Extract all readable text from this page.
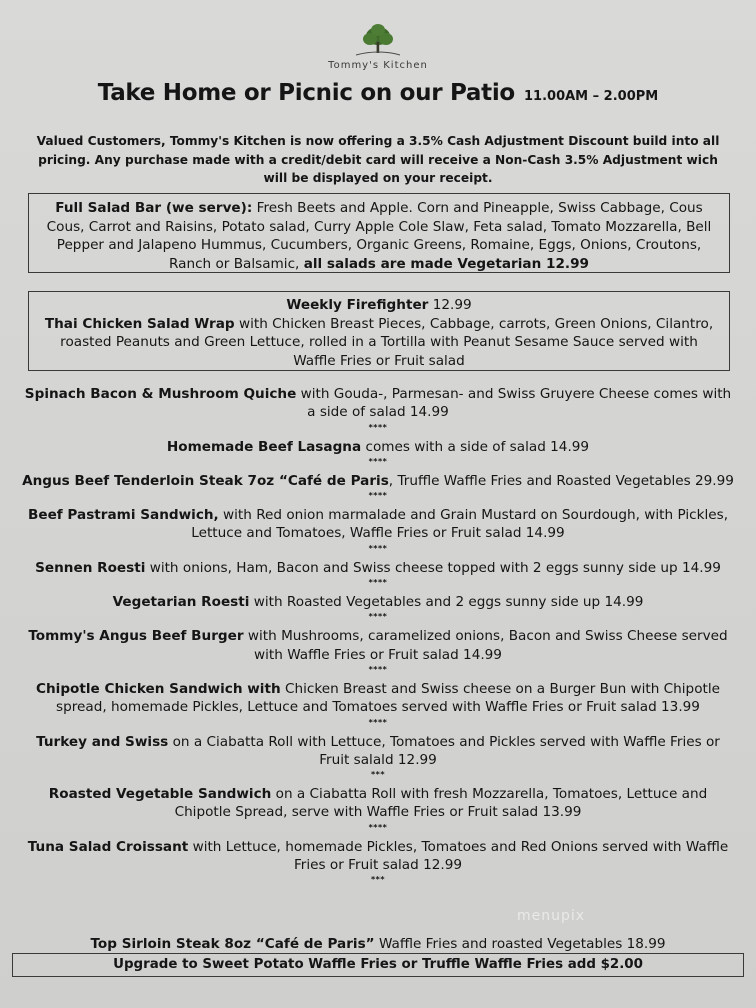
Tommy's Kitchen
Take Home or Picnic on our Patio 11.00AM – 2.00PM
Valued Customers, Tommy's Kitchen is now offering a 3.5% Cash Adjustment Discount build into all pricing. Any purchase made with a credit/debit card will receive a Non-Cash 3.5% Adjustment wich will be displayed on your receipt.
Full Salad Bar (we serve): Fresh Beets and Apple. Corn and Pineapple, Swiss Cabbage, Cous Cous, Carrot and Raisins, Potato salad, Curry Apple Cole Slaw, Feta salad, Tomato Mozzarella, Bell Pepper and Jalapeno Hummus, Cucumbers, Organic Greens, Romaine, Eggs, Onions, Croutons, Ranch or Balsamic, all salads are made Vegetarian 12.99
Weekly Firefighter 12.99
Thai Chicken Salad Wrap with Chicken Breast Pieces, Cabbage, carrots, Green Onions, Cilantro, roasted Peanuts and Green Lettuce, rolled in a Tortilla with Peanut Sesame Sauce served with Waffle Fries or Fruit salad
Spinach Bacon & Mushroom Quiche with Gouda-, Parmesan- and Swiss Gruyere Cheese comes with a side of salad 14.99
****
Homemade Beef Lasagna comes with a side of salad 14.99
****
Angus Beef Tenderloin Steak 7oz “Café de Paris, Truffle Waffle Fries and Roasted Vegetables 29.99
****
Beef Pastrami Sandwich, with Red onion marmalade and Grain Mustard on Sourdough, with Pickles, Lettuce and Tomatoes, Waffle Fries or Fruit salad 14.99
****
Sennen Roesti with onions, Ham, Bacon and Swiss cheese topped with 2 eggs sunny side up 14.99
****
Vegetarian Roesti with Roasted Vegetables and 2 eggs sunny side up 14.99
****
Tommy's Angus Beef Burger with Mushrooms, caramelized onions, Bacon and Swiss Cheese served with Waffle Fries or Fruit salad 14.99
****
Chipotle Chicken Sandwich with Chicken Breast and Swiss cheese on a Burger Bun with Chipotle spread, homemade Pickles, Lettuce and Tomatoes served with Waffle Fries or Fruit salad 13.99
****
Turkey and Swiss on a Ciabatta Roll with Lettuce, Tomatoes and Pickles served with Waffle Fries or Fruit salald 12.99
***
Roasted Vegetable Sandwich on a Ciabatta Roll with fresh Mozzarella, Tomatoes, Lettuce and Chipotle Spread, serve with Waffle Fries or Fruit salad 13.99
****
Tuna Salad Croissant with Lettuce, homemade Pickles, Tomatoes and Red Onions served with Waffle Fries or Fruit salad 12.99
***
Top Sirloin Steak 8oz “Café de Paris” Waffle Fries and roasted Vegetables 18.99
Upgrade to Sweet Potato Waffle Fries or Truffle Waffle Fries add $2.00
menupix
